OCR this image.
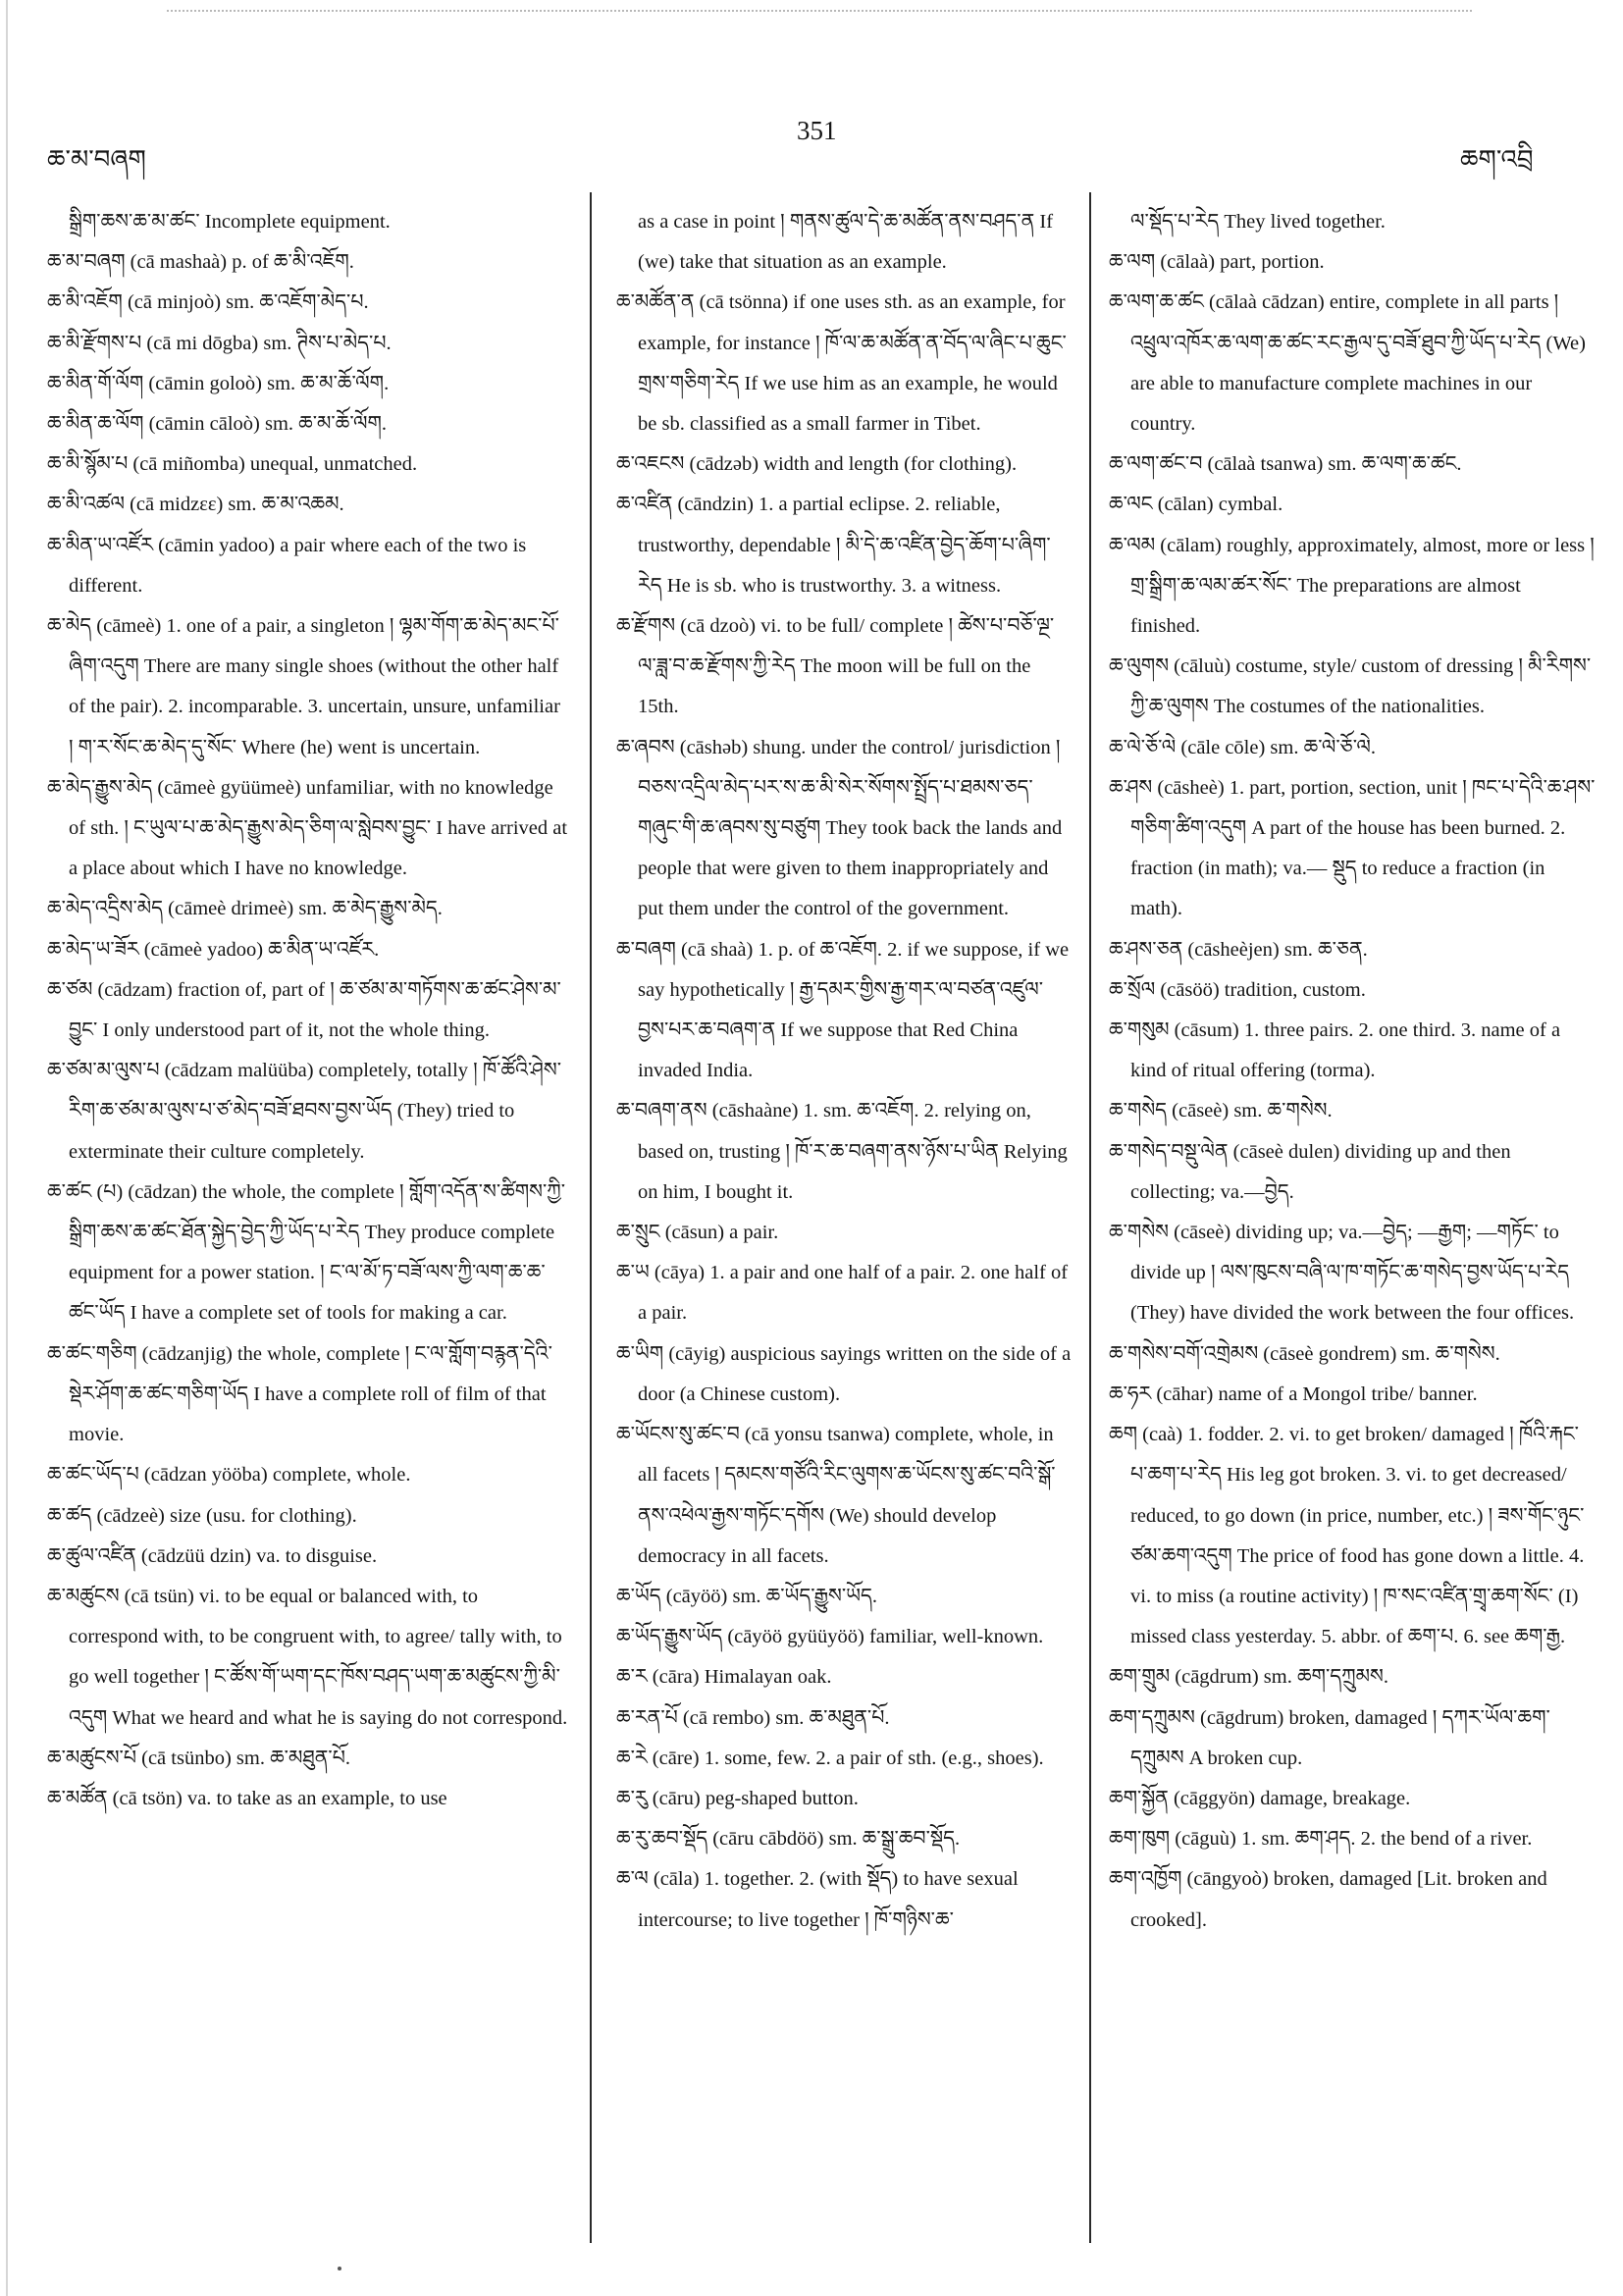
ཆ་མ་བཞག
351
ཆག་འབྲི

སྒྲིག་ཆས་ཆ་མ་ཚང་ Incomplete equipment.

ཆ་མ་བཞག (cā mashaà) p. of ཆ་མི་འཇོག.

ཆ་མི་འཇོག (cā minjoò) sm. ཆ་འཇོག་མེད་པ.

ཆ་མི་རྫོགས་པ (cā mi dōgba) sm. ཊིས་པ་མེད་པ.

ཆ་མིན་གོ་ལོག (cāmin goloò) sm. ཆ་མ་ཆོ་ལོག.

ཆ་མིན་ཆ་ལོག (cāmin cāloò) sm. ཆ་མ་ཆོ་ལོག.

ཆ་མི་སྙོམ་པ (cā miñomba) unequal, unmatched.

ཆ་མི་འཚལ (cā midzεε) sm. ཆ་མ་འཆམ.

ཆ་མིན་ཡ་འཛོར (cāmin yadoo) a pair where each of the two is different.

ཆ་མེད (cāmeè) 1. one of a pair, a singleton ། ལྷམ་གོག་ཆ་མེད་མང་པོ་ཞིག་འདུག There are many single shoes (without the other half of the pair). 2. incomparable. 3. uncertain, unsure, unfamiliar ། ག་ར་སོང་ཆ་མེད་དུ་སོང་ Where (he) went is uncertain.

ཆ་མེད་རྒྱུས་མེད (cāmeè gyüümeè) unfamiliar, with no knowledge of sth. ། ང་ཡུལ་པ་ཆ་མེད་རྒྱུས་མེད་ཅིག་ལ་སླེབས་བྱུང་ I have arrived at a place about which I have no knowledge.

ཆ་མེད་འདྲིས་མེད (cāmeè drimeè) sm. ཆ་མེད་རྒྱུས་མེད.

ཆ་མེད་ཡ་ཟོར (cāmeè yadoo) ཆ་མིན་ཡ་འཛོར.

ཆ་ཙམ (cādzam) fraction of, part of ། ཆ་ཙམ་མ་གཏོགས་ཆ་ཚང་ཤེས་མ་བྱུང་ I only understood part of it, not the whole thing.

ཆ་ཙམ་མ་ལུས་པ (cādzam malüüba) completely, totally ། ཁོ་ཚོའི་ཤེས་རིག་ཆ་ཙམ་མ་ལུས་པ་ཙ་མེད་བཟོ་ཐབས་བྱས་ཡོད (They) tried to exterminate their culture completely.

ཆ་ཚང (པ) (cādzan) the whole, the complete ། གློག་འདོན་ས་ཚིགས་ཀྱི་སྒྲིག་ཆས་ཆ་ཚང་ཐོན་སྐྱེད་བྱེད་ཀྱི་ཡོད་པ་རེད They produce complete equipment for a power station. ། ང་ལ་མོ་ཏ་བཟོ་ལས་ཀྱི་ལག་ཆ་ཆ་ཚང་ཡོད I have a complete set of tools for making a car.

ཆ་ཚང་གཅིག (cādzanjig) the whole, complete ། ང་ལ་གློག་བརྙན་དེའི་སྡེར་ཤོག་ཆ་ཚང་གཅིག་ཡོད I have a complete roll of film of that movie.

ཆ་ཚང་ཡོད་པ (cādzan yööba) complete, whole.

ཆ་ཚད (cādzeè) size (usu. for clothing).

ཆ་ཚུལ་འཛིན (cādzüü dzin) va. to disguise.

ཆ་མཚུངས (cā tsün) vi. to be equal or balanced with, to correspond with, to be congruent with, to agree/ tally with, to go well together ། ང་ཚོས་གོ་ཡག་དང་ཁོས་བཤད་ཡག་ཆ་མཚུངས་ཀྱི་མི་འདུག What we heard and what he is saying do not correspond.

ཆ་མཚུངས་པོ (cā tsünbo) sm. ཆ་མཐུན་པོ.

ཆ་མཚོན (cā tsön) va. to take as an example, to use

as a case in point ། གནས་ཚུལ་དེ་ཆ་མཚོན་ནས་བཤད་ན If (we) take that situation as an example.

ཆ་མཚོན་ན (cā tsönna) if one uses sth. as an example, for example, for instance ། ཁོ་ལ་ཆ་མཚོན་ན་བོད་ལ་ཞིང་པ་ཆུང་གྲས་གཅིག་རེད If we use him as an example, he would be sb. classified as a small farmer in Tibet.

ཆ་འཇངས (cādzəb) width and length (for clothing).

ཆ་འཛིན (cāndzin) 1. a partial eclipse. 2. reliable, trustworthy, dependable ། མི་དེ་ཆ་འཛིན་བྱེད་ཆོག་པ་ཞིག་རེད He is sb. who is trustworthy. 3. a witness.

ཆ་རྫོགས (cā dzoò) vi. to be full/ complete ། ཚེས་པ་བཅོ་ལྔ་ལ་ཟླ་བ་ཆ་རྫོགས་ཀྱི་རེད The moon will be full on the 15th.

ཆ་ཞབས (cāshəb) shung. under the control/ jurisdiction ། བཅས་འདྲིལ་མེད་པར་ས་ཆ་མི་སེར་སོགས་སྤྲོད་པ་ཐམས་ཅད་གཞུང་གི་ཆ་ཞབས་སུ་བཙུག They took back the lands and people that were given to them inappropriately and put them under the control of the government.

ཆ་བཞག (cā shaà) 1. p. of ཆ་འཇོག. 2. if we suppose, if we say hypothetically ། རྒྱ་དམར་གྱིས་རྒྱ་གར་ལ་བཙན་འཛུལ་བྱས་པར་ཆ་བཞག་ན If we suppose that Red China invaded India.

ཆ་བཞག་ནས (cāshaàne) 1. sm. ཆ་འཇོག. 2. relying on, based on, trusting ། ཁོ་ར་ཆ་བཞག་ནས་ཉོས་པ་ཡིན Relying on him, I bought it.

ཆ་སྲུང (cāsun) a pair.

ཆ་ཡ (cāya) 1. a pair and one half of a pair. 2. one half of a pair.

ཆ་ཡིག (cāyig) auspicious sayings written on the side of a door (a Chinese custom).

ཆ་ཡོངས་སུ་ཚང་བ (cā yonsu tsanwa) complete, whole, in all facets ། དམངས་གཙོའི་རིང་ལུགས་ཆ་ཡོངས་སུ་ཚང་བའི་སྒོ་ནས་འཕེལ་རྒྱས་གཏོང་དགོས (We) should develop democracy in all facets.

ཆ་ཡོད (cāyöö) sm. ཆ་ཡོད་རྒྱུས་ཡོད.

ཆ་ཡོད་རྒྱུས་ཡོད (cāyöö gyüüyöö) familiar, well-known.

ཆ་ར (cāra) Himalayan oak.

ཆ་རན་པོ (cā rembo) sm. ཆ་མཐུན་པོ.

ཆ་རེ (cāre) 1. some, few. 2. a pair of sth. (e.g., shoes).

ཆ་རུ (cāru) peg-shaped button.

ཆ་རུ་ཆབ་སྡོད (cāru cābdöö) sm. ཆ་སྒྲུ་ཆབ་སྡོད.

ཆ་ལ (cāla) 1. together. 2. (with སྡོད) to have sexual intercourse; to live together ། ཁོ་གཉིས་ཆ་

ལ་སྡོད་པ་རེད They lived together.

ཆ་ལག (cālaà) part, portion.

ཆ་ལག་ཆ་ཚང (cālaà cādzan) entire, complete in all parts ། འཕྲུལ་འཁོར་ཆ་ལག་ཆ་ཚང་རང་རྒྱལ་དུ་བཟོ་ཐུབ་ཀྱི་ཡོད་པ་རེད (We) are able to manufacture complete machines in our country.

ཆ་ལག་ཚང་བ (cālaà tsanwa) sm. ཆ་ལག་ཆ་ཚང.

ཆ་ལང (cālan) cymbal.

ཆ་ལམ (cālam) roughly, approximately, almost, more or less ། གྲ་སྒྲིག་ཆ་ལམ་ཚར་སོང་ The preparations are almost finished.

ཆ་ལུགས (cāluù) costume, style/ custom of dressing ། མི་རིགས་ཀྱི་ཆ་ལུགས The costumes of the nationalities.

ཆ་ལེ་ཅོ་ལེ (cāle cōle) sm. ཆ་ལེ་ཅོ་ལེ.

ཆ་ཤས (cāsheè) 1. part, portion, section, unit ། ཁང་པ་དེའི་ཆ་ཤས་གཅིག་ཚིག་འདུག A part of the house has been burned. 2. fraction (in math); va.— སྡུད to reduce a fraction (in math).

ཆ་ཤས་ཅན (cāsheèjen) sm. ཆ་ཅན.

ཆ་སྲོལ (cāsöö) tradition, custom.

ཆ་གསུམ (cāsum) 1. three pairs. 2. one third. 3. name of a kind of ritual offering (torma).

ཆ་གསེད (cāseè) sm. ཆ་གསེས.

ཆ་གསེད་བསྡུ་ལེན (cāseè dulen) dividing up and then collecting; va.—བྱེད.

ཆ་གསེས (cāseè) dividing up; va.—བྱེད; —རྒྱག; —གཏོང་ to divide up ། ལས་ཁུངས་བཞི་ལ་ཁ་གཏོང་ཆ་གསེད་བྱས་ཡོད་པ་རེད (They) have divided the work between the four offices.

ཆ་གསེས་བགོ་འགྲེམས (cāseè gondrem) sm. ཆ་གསེས.

ཆ་ཧར (cāhar) name of a Mongol tribe/ banner.

ཆག (caà) 1. fodder. 2. vi. to get broken/ damaged ། ཁོའི་རྐང་པ་ཆག་པ་རེད His leg got broken. 3. vi. to get decreased/ reduced, to go down (in price, number, etc.) ། ཟས་གོང་ཉུང་ཙམ་ཆག་འདུག The price of food has gone down a little. 4. vi. to miss (a routine activity) ། ཁ་སང་འཛིན་གྲྭ་ཆག་སོང་ (I) missed class yesterday. 5. abbr. of ཆག་པ. 6. see ཆག་རྒྱ.

ཆག་གྲུམ (cāgdrum) sm. ཆག་དཀྲུམས.

ཆག་དཀྲུམས (cāgdrum) broken, damaged ། དཀར་ཡོལ་ཆག་དཀྲུམས A broken cup.

ཆག་སྐྱོན (cāggyön) damage, breakage.

ཆག་ཁུག (cāguù) 1. sm. ཆག་ཤད. 2. the bend of a river.

ཆག་འཁྱོག (cāngyoò) broken, damaged [Lit. broken and crooked].
